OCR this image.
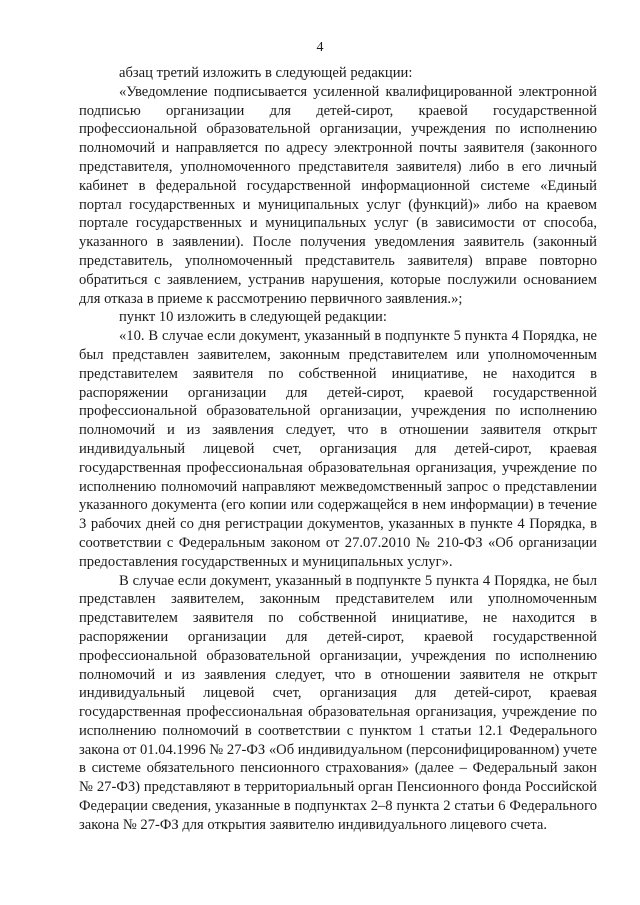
4

абзац третий изложить в следующей редакции:

«Уведомление подписывается усиленной квалифицированной электронной подписью организации для детей-сирот, краевой государственной профессиональной образовательной организации, учреждения по исполнению полномочий и направляется по адресу электронной почты заявителя (законного представителя, уполномоченного представителя заявителя) либо в его личный кабинет в федеральной государственной информационной системе «Единый портал государственных и муниципальных услуг (функций)» либо на краевом портале государственных и муниципальных услуг (в зависимости от способа, указанного в заявлении). После получения уведомления заявитель (законный представитель, уполномоченный представитель заявителя) вправе повторно обратиться с заявлением, устранив нарушения, которые послужили основанием для отказа в приеме к рассмотрению первичного заявления.»;

пункт 10 изложить в следующей редакции:

«10. В случае если документ, указанный в подпункте 5 пункта 4 Порядка, не был представлен заявителем, законным представителем или уполномоченным представителем заявителя по собственной инициативе, не находится в распоряжении организации для детей-сирот, краевой государственной профессиональной образовательной организации, учреждения по исполнению полномочий и из заявления следует, что в отношении заявителя открыт индивидуальный лицевой счет, организация для детей-сирот, краевая государственная профессиональная образовательная организация, учреждение по исполнению полномочий направляют межведомственный запрос о представлении указанного документа (его копии или содержащейся в нем информации) в течение 3 рабочих дней со дня регистрации документов, указанных в пункте 4 Порядка, в соответствии с Федеральным законом от 27.07.2010 № 210-ФЗ «Об организации предоставления государственных и муниципальных услуг».

В случае если документ, указанный в подпункте 5 пункта 4 Порядка, не был представлен заявителем, законным представителем или уполномоченным представителем заявителя по собственной инициативе, не находится в распоряжении организации для детей-сирот, краевой государственной профессиональной образовательной организации, учреждения по исполнению полномочий и из заявления следует, что в отношении заявителя не открыт индивидуальный лицевой счет, организация для детей-сирот, краевая государственная профессиональная образовательная организация, учреждение по исполнению полномочий в соответствии с пунктом 1 статьи 12.1 Федерального закона от 01.04.1996 № 27-ФЗ «Об индивидуальном (персонифицированном) учете в системе обязательного пенсионного страхования» (далее – Федеральный закон № 27-ФЗ) представляют в территориальный орган Пенсионного фонда Российской Федерации сведения, указанные в подпунктах 2–8 пункта 2 статьи 6 Федерального закона № 27-ФЗ для открытия заявителю индивидуального лицевого счета.
